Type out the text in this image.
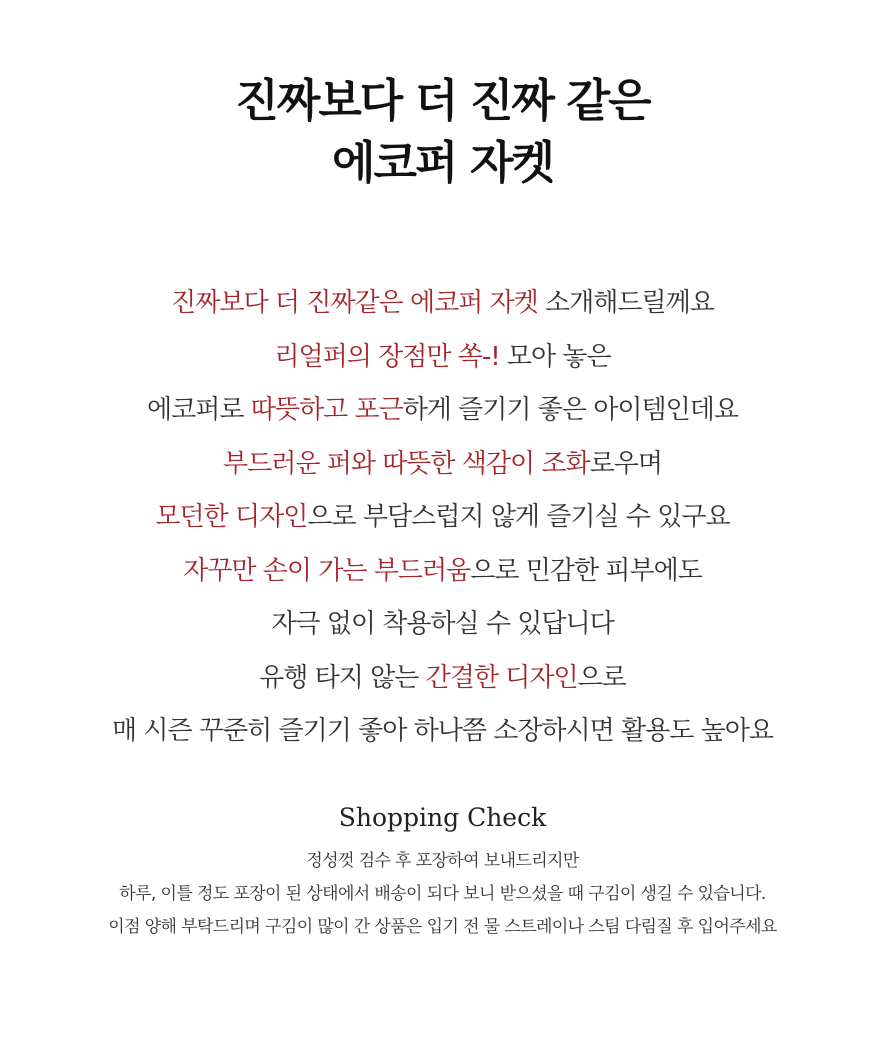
진짜보다 더 진짜 같은
에코퍼 자켓
진짜보다 더 진짜같은 에코퍼 자켓 소개해드릴께요
리얼퍼의 장점만 쏙-! 모아 놓은
에코퍼로 따뜻하고 포근하게 즐기기 좋은 아이템인데요
부드러운 퍼와 따뜻한 색감이 조화로우며
모던한 디자인으로 부담스럽지 않게 즐기실 수 있구요
자꾸만 손이 가는 부드러움으로 민감한 피부에도
자극 없이 착용하실 수 있답니다
유행 타지 않는 간결한 디자인으로
매 시즌 꾸준히 즐기기 좋아 하나쯤 소장하시면 활용도 높아요
Shopping Check
정성껏 검수 후 포장하여 보내드리지만
하루, 이틀 정도 포장이 된 상태에서 배송이 되다 보니 받으셨을 때 구김이 생길 수 있습니다.
이점 양해 부탁드리며 구김이 많이 간 상품은 입기 전 물 스트레이나 스팀 다림질 후 입어주세요
